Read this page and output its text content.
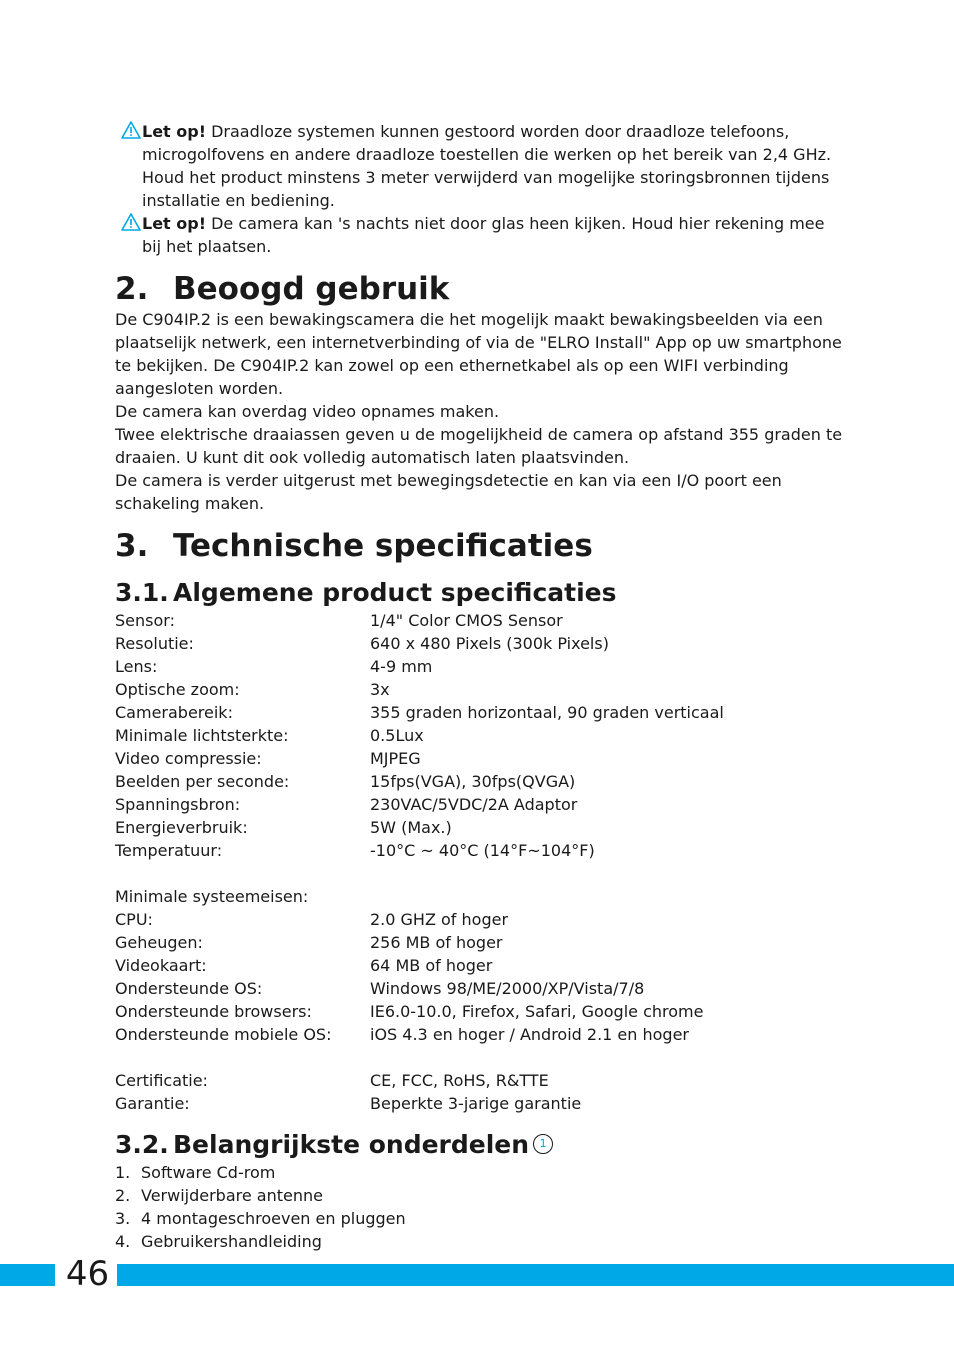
Let op! Draadloze systemen kunnen gestoord worden door draadloze telefoons, microgolfovens en andere draadloze toestellen die werken op het bereik van 2,4 GHz. Houd het product minstens 3 meter verwijderd van mogelijke storingsbronnen tijdens installatie en bediening.
Let op! De camera kan 's nachts niet door glas heen kijken. Houd hier rekening mee bij het plaatsen.
2. Beoogd gebruik

De C904IP.2 is een bewakingscamera die het mogelijk maakt bewakingsbeelden via een plaatselijk netwerk, een internetverbinding of via de "ELRO Install" App op uw smartphone te bekijken. De C904IP.2 kan zowel op een ethernetkabel als op een WIFI verbinding aangesloten worden.

De camera kan overdag video opnames maken.

Twee elektrische draaiassen geven u de mogelijkheid de camera op afstand 355 graden te draaien. U kunt dit ook volledig automatisch laten plaatsvinden.

De camera is verder uitgerust met bewegingsdetectie en kan via een I/O poort een schakeling maken.

3. Technische specificaties
3.1. Algemene product specificaties
Sensor:	1/4" Color CMOS Sensor
Resolutie:	640 x 480 Pixels (300k Pixels)
Lens:	4-9 mm
Optische zoom:	3x
Camerabereik:	355 graden horizontaal, 90 graden verticaal
Minimale lichtsterkte:	0.5Lux
Video compressie:	MJPEG
Beelden per seconde:	15fps(VGA), 30fps(QVGA)
Spanningsbron:	230VAC/5VDC/2A Adaptor
Energieverbruik:	5W (Max.)
Temperatuur:	-10°C ~ 40°C (14°F~104°F)
Minimale systeemeisen:
CPU:	2.0 GHZ of hoger
Geheugen:	256 MB of hoger
Videokaart:	64 MB of hoger
Ondersteunde OS:	Windows 98/ME/2000/XP/Vista/7/8
Ondersteunde browsers:	IE6.0-10.0, Firefox, Safari, Google chrome
Ondersteunde mobiele OS:	iOS 4.3 en hoger / Android 2.1 en hoger
Certificatie:	CE, FCC, RoHS, R&TTE
Garantie:	Beperkte 3-jarige garantie
3.2. Belangrijkste onderdelen 1
1. Software Cd-rom
2. Verwijderbare antenne
3. 4 montageschroeven en pluggen
4. Gebruikershandleiding
46
